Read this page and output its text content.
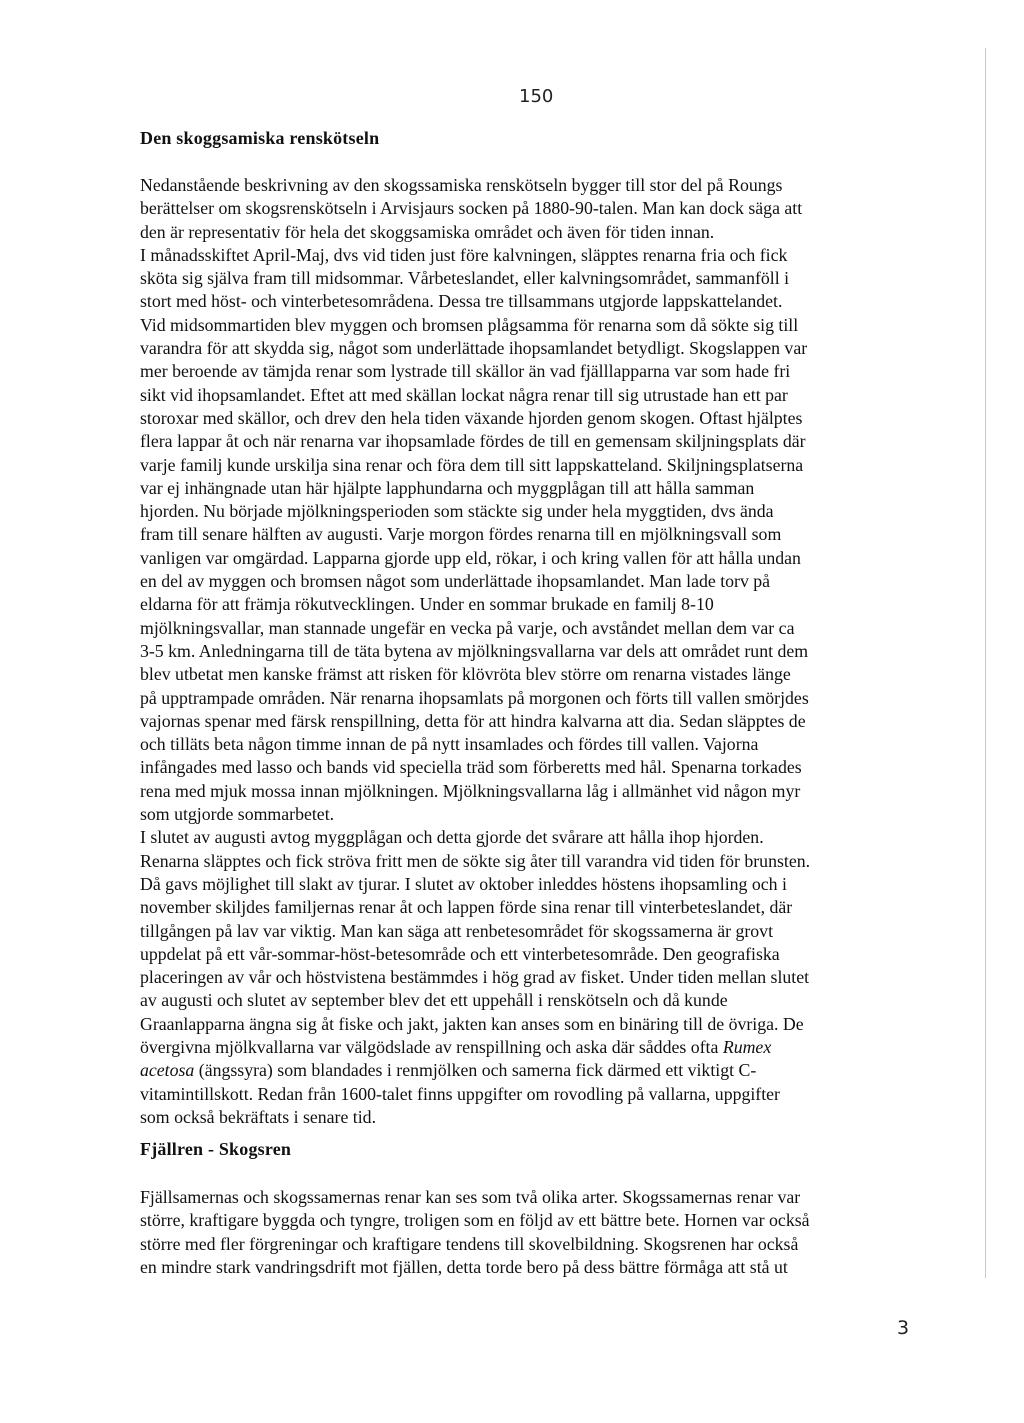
150
Den skoggsamiska renskötseln
Nedanstående beskrivning av den skogssamiska renskötseln bygger till stor del på Roungs
berättelser om skogsrenskötseln i Arvisjaurs socken på 1880-90-talen. Man kan dock säga att
den är representativ för hela det skoggsamiska området och även för tiden innan.
I månadsskiftet April-Maj, dvs vid tiden just före kalvningen, släpptes renarna fria och fick
sköta sig själva fram till midsommar. Vårbeteslandet, eller kalvningsområdet, sammanföll i
stort med höst- och vinterbetesområdena. Dessa tre tillsammans utgjorde lappskattelandet.
Vid midsommartiden blev myggen och bromsen plågsamma för renarna som då sökte sig till
varandra för att skydda sig, något som underlättade ihopsamlandet betydligt. Skogslappen var
mer beroende av tämjda renar som lystrade till skällor än vad fjälllapparna var som hade fri
sikt vid ihopsamlandet. Eftet att med skällan lockat några renar till sig utrustade han ett par
storoxar med skällor, och drev den hela tiden växande hjorden genom skogen. Oftast hjälptes
flera lappar åt och när renarna var ihopsamlade fördes de till en gemensam skiljningsplats där
varje familj kunde urskilja sina renar och föra dem till sitt lappskatteland. Skiljningsplatserna
var ej inhängnade utan här hjälpte lapphundarna och myggplågan till att hålla samman
hjorden. Nu började mjölkningsperioden som stäckte sig under hela myggtiden, dvs ända
fram till senare hälften av augusti. Varje morgon fördes renarna till en mjölkningsvall som
vanligen var omgärdad. Lapparna gjorde upp eld, rökar, i och kring vallen för att hålla undan
en del av myggen och bromsen något som underlättade ihopsamlandet. Man lade torv på
eldarna för att främja rökutvecklingen. Under en sommar brukade en familj 8-10
mjölkningsvallar, man stannade ungefär en vecka på varje, och avståndet mellan dem var ca
3-5 km. Anledningarna till de täta bytena av mjölkningsvallarna var dels att området runt dem
blev utbetat men kanske främst att risken för klövröta blev större om renarna vistades länge
på upptrampade områden. När renarna ihopsamlats på morgonen och förts till vallen smörjdes
vajornas spenar med färsk renspillning, detta för att hindra kalvarna att dia. Sedan släpptes de
och tilläts beta någon timme innan de på nytt insamlades och fördes till vallen. Vajorna
infångades med lasso och bands vid speciella träd som förberetts med hål. Spenarna torkades
rena med mjuk mossa innan mjölkningen. Mjölkningsvallarna låg i allmänhet vid någon myr
som utgjorde sommarbetet.
I slutet av augusti avtog myggplågan och detta gjorde det svårare att hålla ihop hjorden.
Renarna släpptes och fick ströva fritt men de sökte sig åter till varandra vid tiden för brunsten.
Då gavs möjlighet till slakt av tjurar. I slutet av oktober inleddes höstens ihopsamling och i
november skiljdes familjernas renar åt och lappen förde sina renar till vinterbeteslandet, där
tillgången på lav var viktig. Man kan säga att renbetesområdet för skogssamerna är grovt
uppdelat på ett vår-sommar-höst-betesområde och ett vinterbetesområde. Den geografiska
placeringen av vår och höstvistena bestämmdes i hög grad av fisket. Under tiden mellan slutet
av augusti och slutet av september blev det ett uppehåll i renskötseln och då kunde
Graanlapparna ängna sig åt fiske och jakt, jakten kan anses som en binäring till de övriga. De
övergivna mjölkvallarna var välgödslade av renspillning och aska där såddes ofta Rumex
acetosa (ängssyra) som blandades i renmjölken och samerna fick därmed ett viktigt C-
vitamintillskott. Redan från 1600-talet finns uppgifter om rovodling på vallarna, uppgifter
som också bekräftats i senare tid.
Fjällren - Skogsren
Fjällsamernas och skogssamernas renar kan ses som två olika arter. Skogssamernas renar var
större, kraftigare byggda och tyngre, troligen som en följd av ett bättre bete. Hornen var också
större med fler förgreningar och kraftigare tendens till skovelbildning. Skogsrenen har också
en mindre stark vandringsdrift mot fjällen, detta torde bero på dess bättre förmåga att stå ut
3
